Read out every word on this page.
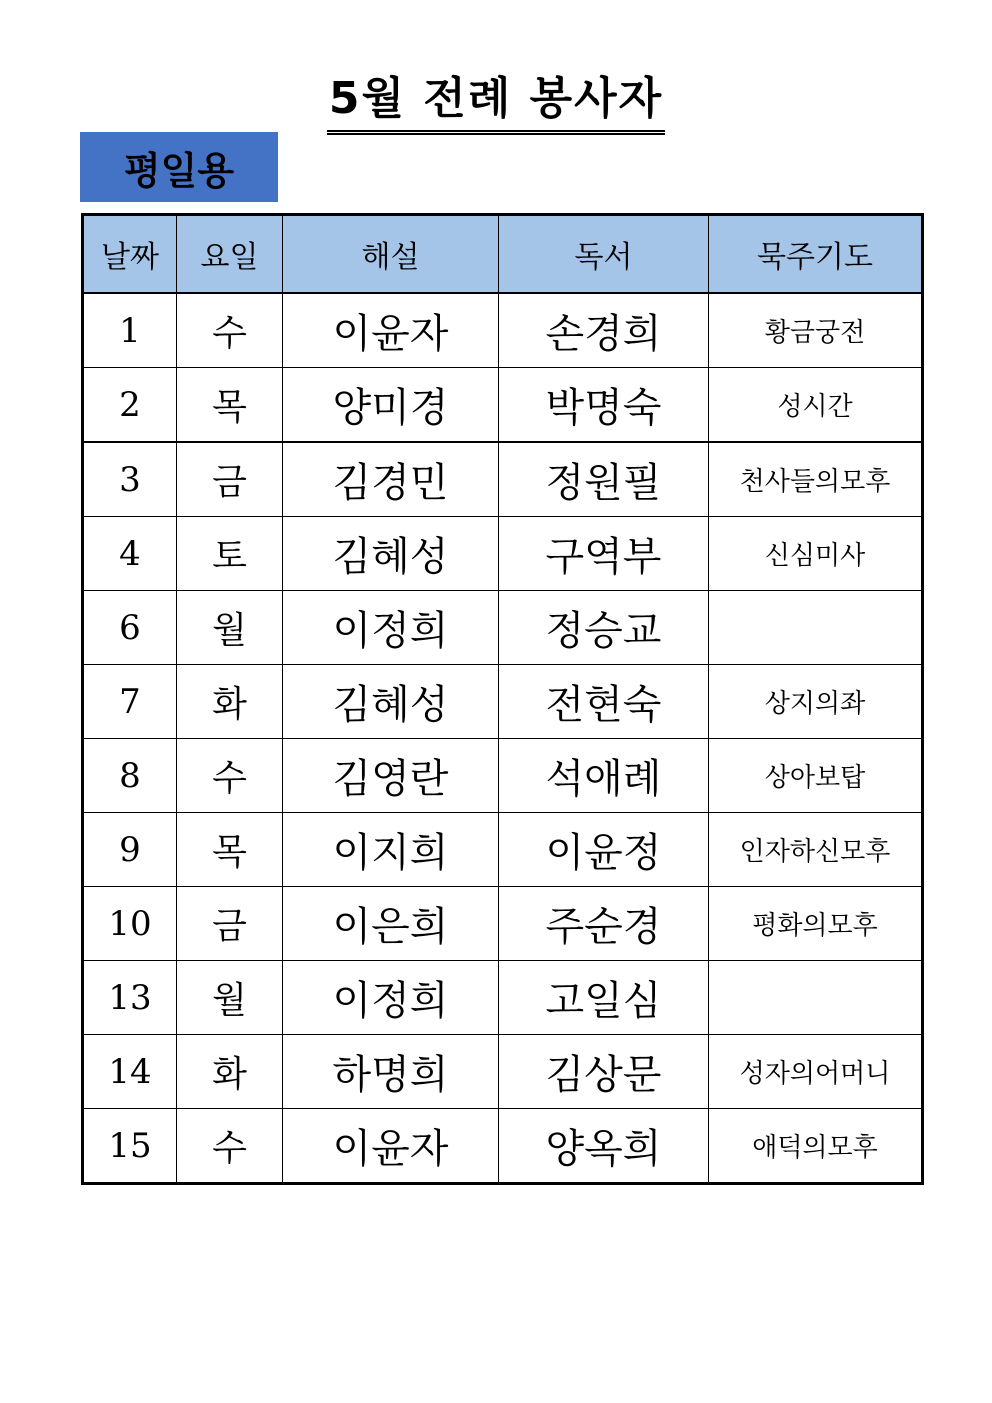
5월 전례 봉사자
평일용
날짜	요일	해설	독서	묵주기도
1	수	이윤자	손경희	황금궁전
2	목	양미경	박명숙	성시간
3	금	김경민	정원필	천사들의모후
4	토	김혜성	구역부	신심미사
6	월	이정희	정승교	
7	화	김혜성	전현숙	상지의좌
8	수	김영란	석애례	상아보탑
9	목	이지희	이윤정	인자하신모후
10	금	이은희	주순경	평화의모후
13	월	이정희	고일심	
14	화	하명희	김상문	성자의어머니
15	수	이윤자	양옥희	애덕의모후
